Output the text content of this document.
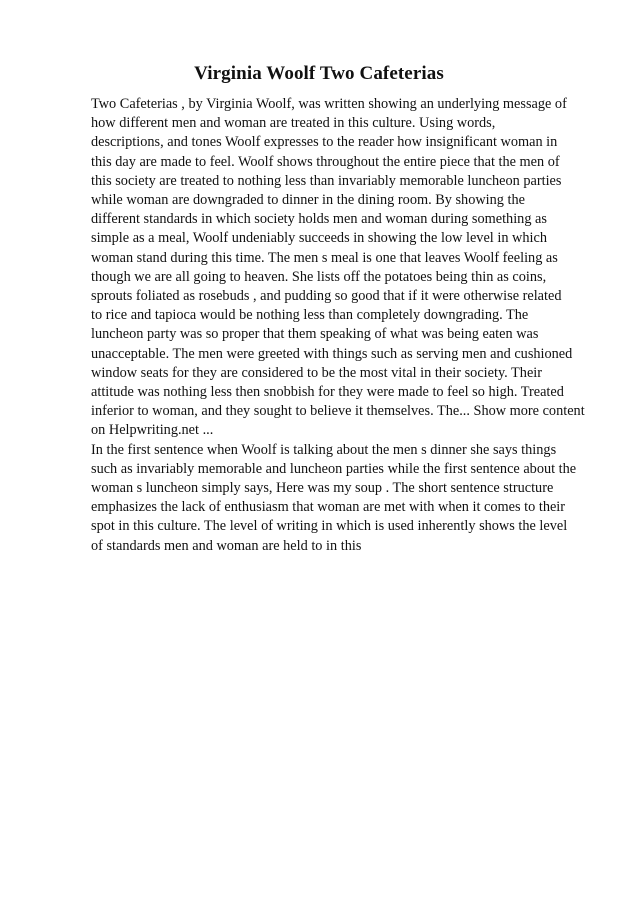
Virginia Woolf Two Cafeterias
Two Cafeterias , by Virginia Woolf, was written showing an underlying message of
how different men and woman are treated in this culture. Using words,
descriptions, and tones Woolf expresses to the reader how insignificant woman in
this day are made to feel. Woolf shows throughout the entire piece that the men of
this society are treated to nothing less than invariably memorable luncheon parties
while woman are downgraded to dinner in the dining room. By showing the
different standards in which society holds men and woman during something as
simple as a meal, Woolf undeniably succeeds in showing the low level in which
woman stand during this time. The men s meal is one that leaves Woolf feeling as
though we are all going to heaven. She lists off the potatoes being thin as coins,
sprouts foliated as rosebuds , and pudding so good that if it were otherwise related
to rice and tapioca would be nothing less than completely downgrading. The
luncheon party was so proper that them speaking of what was being eaten was
unacceptable. The men were greeted with things such as serving men and cushioned
window seats for they are considered to be the most vital in their society. Their
attitude was nothing less then snobbish for they were made to feel so high. Treated
inferior to woman, and they sought to believe it themselves. The... Show more content
on Helpwriting.net ...
In the first sentence when Woolf is talking about the men s dinner she says things
such as invariably memorable and luncheon parties while the first sentence about the
woman s luncheon simply says, Here was my soup . The short sentence structure
emphasizes the lack of enthusiasm that woman are met with when it comes to their
spot in this culture. The level of writing in which is used inherently shows the level
of standards men and woman are held to in this
